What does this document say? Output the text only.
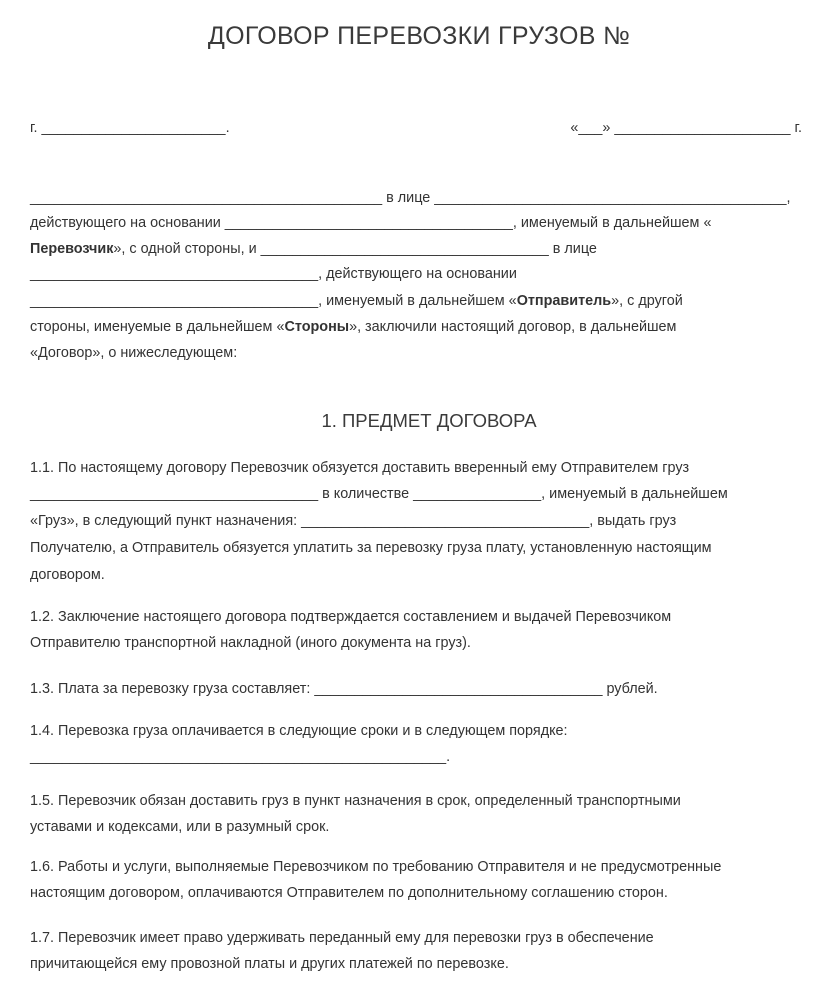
ДОГОВОР ПЕРЕВОЗКИ ГРУЗОВ №
г. _______________________.	«___» ______________________ г.
____________________________________________ в лице ____________________________________________,
действующего на основании ____________________________________, именуемый в дальнейшем «
Перевозчик», с одной стороны, и ____________________________________ в лице
____________________________________, действующего на основании
____________________________________, именуемый в дальнейшем «Отправитель», с другой
стороны, именуемые в дальнейшем «Стороны», заключили настоящий договор, в дальнейшем
«Договор», о нижеследующем:
1. ПРЕДМЕТ ДОГОВОРА
1.1. По настоящему договору Перевозчик обязуется доставить вверенный ему Отправителем груз
____________________________________ в количестве ________________, именуемый в дальнейшем
«Груз», в следующий пункт назначения: ____________________________________, выдать груз
Получателю, а Отправитель обязуется уплатить за перевозку груза плату, установленную настоящим
договором.
1.2. Заключение настоящего договора подтверждается составлением и выдачей Перевозчиком
Отправителю транспортной накладной (иного документа на груз).
1.3. Плата за перевозку груза составляет: ____________________________________ рублей.
1.4. Перевозка груза оплачивается в следующие сроки и в следующем порядке:
____________________________________________________.
1.5. Перевозчик обязан доставить груз в пункт назначения в срок, определенный транспортными
уставами и кодексами, или в разумный срок.
1.6. Работы и услуги, выполняемые Перевозчиком по требованию Отправителя и не предусмотренные
настоящим договором, оплачиваются Отправителем по дополнительному соглашению сторон.
1.7. Перевозчик имеет право удерживать переданный ему для перевозки груз в обеспечение
причитающейся ему провозной платы и других платежей по перевозке.
